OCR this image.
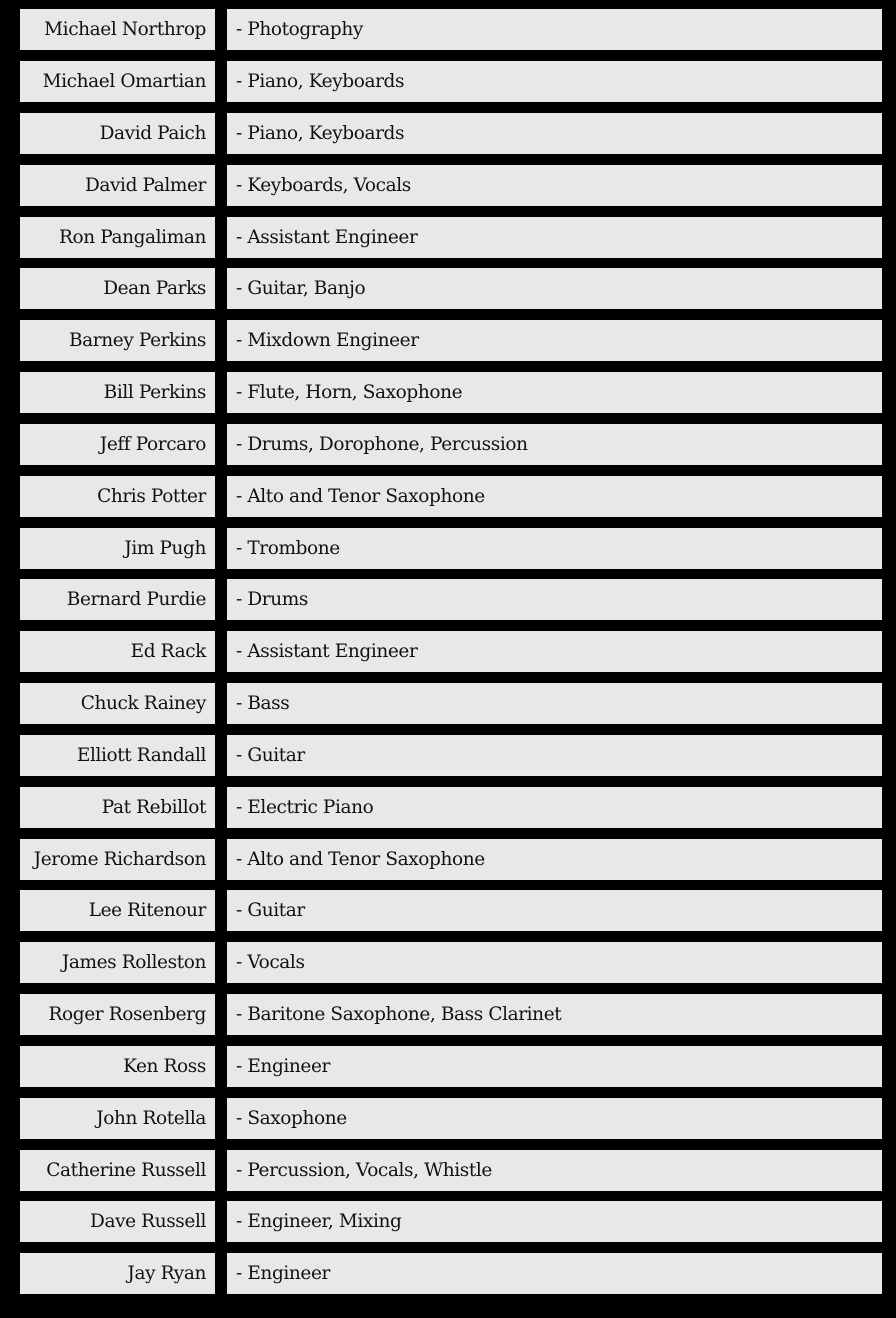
Michael Northrop	- Photography
Michael Omartian	- Piano, Keyboards
David Paich	- Piano, Keyboards
David Palmer	- Keyboards, Vocals
Ron Pangaliman	- Assistant Engineer
Dean Parks	- Guitar, Banjo
Barney Perkins	- Mixdown Engineer
Bill Perkins	- Flute, Horn, Saxophone
Jeff Porcaro	- Drums, Dorophone, Percussion
Chris Potter	- Alto and Tenor Saxophone
Jim Pugh	- Trombone
Bernard Purdie	- Drums
Ed Rack	- Assistant Engineer
Chuck Rainey	- Bass
Elliott Randall	- Guitar
Pat Rebillot	- Electric Piano
Jerome Richardson	- Alto and Tenor Saxophone
Lee Ritenour	- Guitar
James Rolleston	- Vocals
Roger Rosenberg	- Baritone Saxophone, Bass Clarinet
Ken Ross	- Engineer
John Rotella	- Saxophone
Catherine Russell	- Percussion, Vocals, Whistle
Dave Russell	- Engineer, Mixing
Jay Ryan	- Engineer
